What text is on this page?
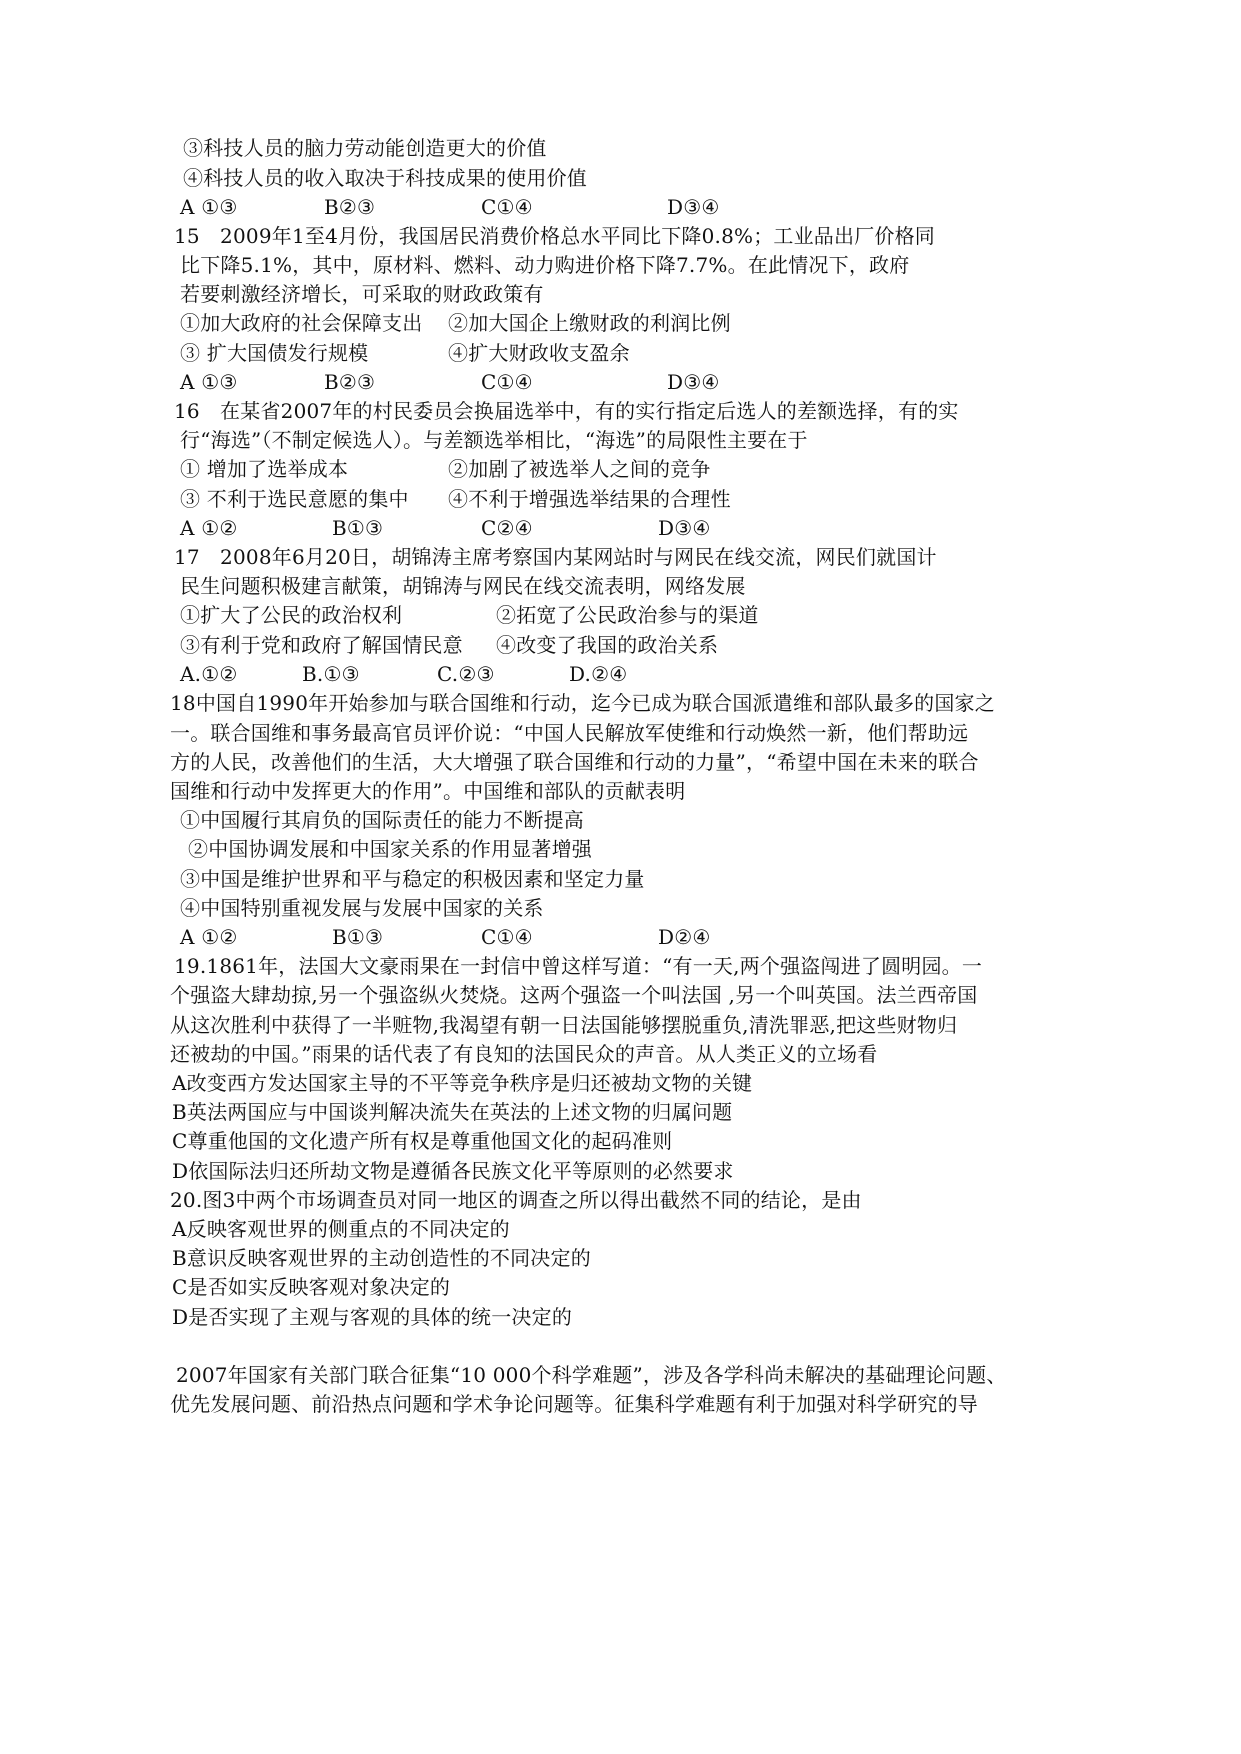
③科技人员的脑力劳动能创造更大的价值
④科技人员的收入取决于科技成果的使用价值
A ①③	B②③	C①④	D③④
15　2009年1至4月份，我国居民消费价格总水平同比下降0.8%；工业品出厂价格同
比下降5.1%，其中，原材料、燃料、动力购进价格下降7.7%。在此情况下，政府
若要刺激经济增长，可采取的财政政策有
①加大政府的社会保障支出 ②加大国企上缴财政的利润比例
③ 扩大国债发行规模	④扩大财政收支盈余
A ①③	B②③	C①④	D③④
16　在某省2007年的村民委员会换届选举中，有的实行指定后选人的差额选择，有的实
行“海选”（不制定候选人）。与差额选举相比，“海选”的局限性主要在于
① 增加了选举成本	②加剧了被选举人之间的竞争
③ 不利于选民意愿的集中 ④不利于增强选举结果的合理性
A ①②	B①③	C②④	D③④
17　2008年6月20日，胡锦涛主席考察国内某网站时与网民在线交流，网民们就国计
民生问题积极建言献策，胡锦涛与网民在线交流表明，网络发展
①扩大了公民的政治权利	②拓宽了公民政治参与的渠道
③有利于党和政府了解国情民意 ④改变了我国的政治关系
A.①②	B.①③	C.②③	D.②④
18中国自1990年开始参加与联合国维和行动，迄今已成为联合国派遣维和部队最多的国家之
一。联合国维和事务最高官员评价说：“中国人民解放军使维和行动焕然一新，他们帮助远
方的人民，改善他们的生活，大大增强了联合国维和行动的力量”，“希望中国在未来的联合
国维和行动中发挥更大的作用”。中国维和部队的贡献表明
①中国履行其肩负的国际责任的能力不断提高
②中国协调发展和中国家关系的作用显著增强
③中国是维护世界和平与稳定的积极因素和坚定力量
④中国特别重视发展与发展中国家的关系
A ①②	B①③	C①④	D②④
19.1861年，法国大文豪雨果在一封信中曾这样写道：“有一天,两个强盗闯进了圆明园。一
个强盗大肆劫掠,另一个强盗纵火焚烧。这两个强盗一个叫法国 ,另一个叫英国。法兰西帝国
从这次胜利中获得了一半赃物,我渴望有朝一日法国能够摆脱重负,清洗罪恶,把这些财物归
还被劫的中国。”雨果的话代表了有良知的法国民众的声音。从人类正义的立场看
A改变西方发达国家主导的不平等竞争秩序是归还被劫文物的关键
B英法两国应与中国谈判解决流失在英法的上述文物的归属问题
C尊重他国的文化遗产所有权是尊重他国文化的起码准则
D依国际法归还所劫文物是遵循各民族文化平等原则的必然要求
20.图3中两个市场调查员对同一地区的调查之所以得出截然不同的结论，是由
A反映客观世界的侧重点的不同决定的
B意识反映客观世界的主动创造性的不同决定的
C是否如实反映客观对象决定的
D是否实现了主观与客观的具体的统一决定的
2007年国家有关部门联合征集“10 000个科学难题”，涉及各学科尚未解决的基础理论问题、
优先发展问题、前沿热点问题和学术争论问题等。征集科学难题有利于加强对科学研究的导
